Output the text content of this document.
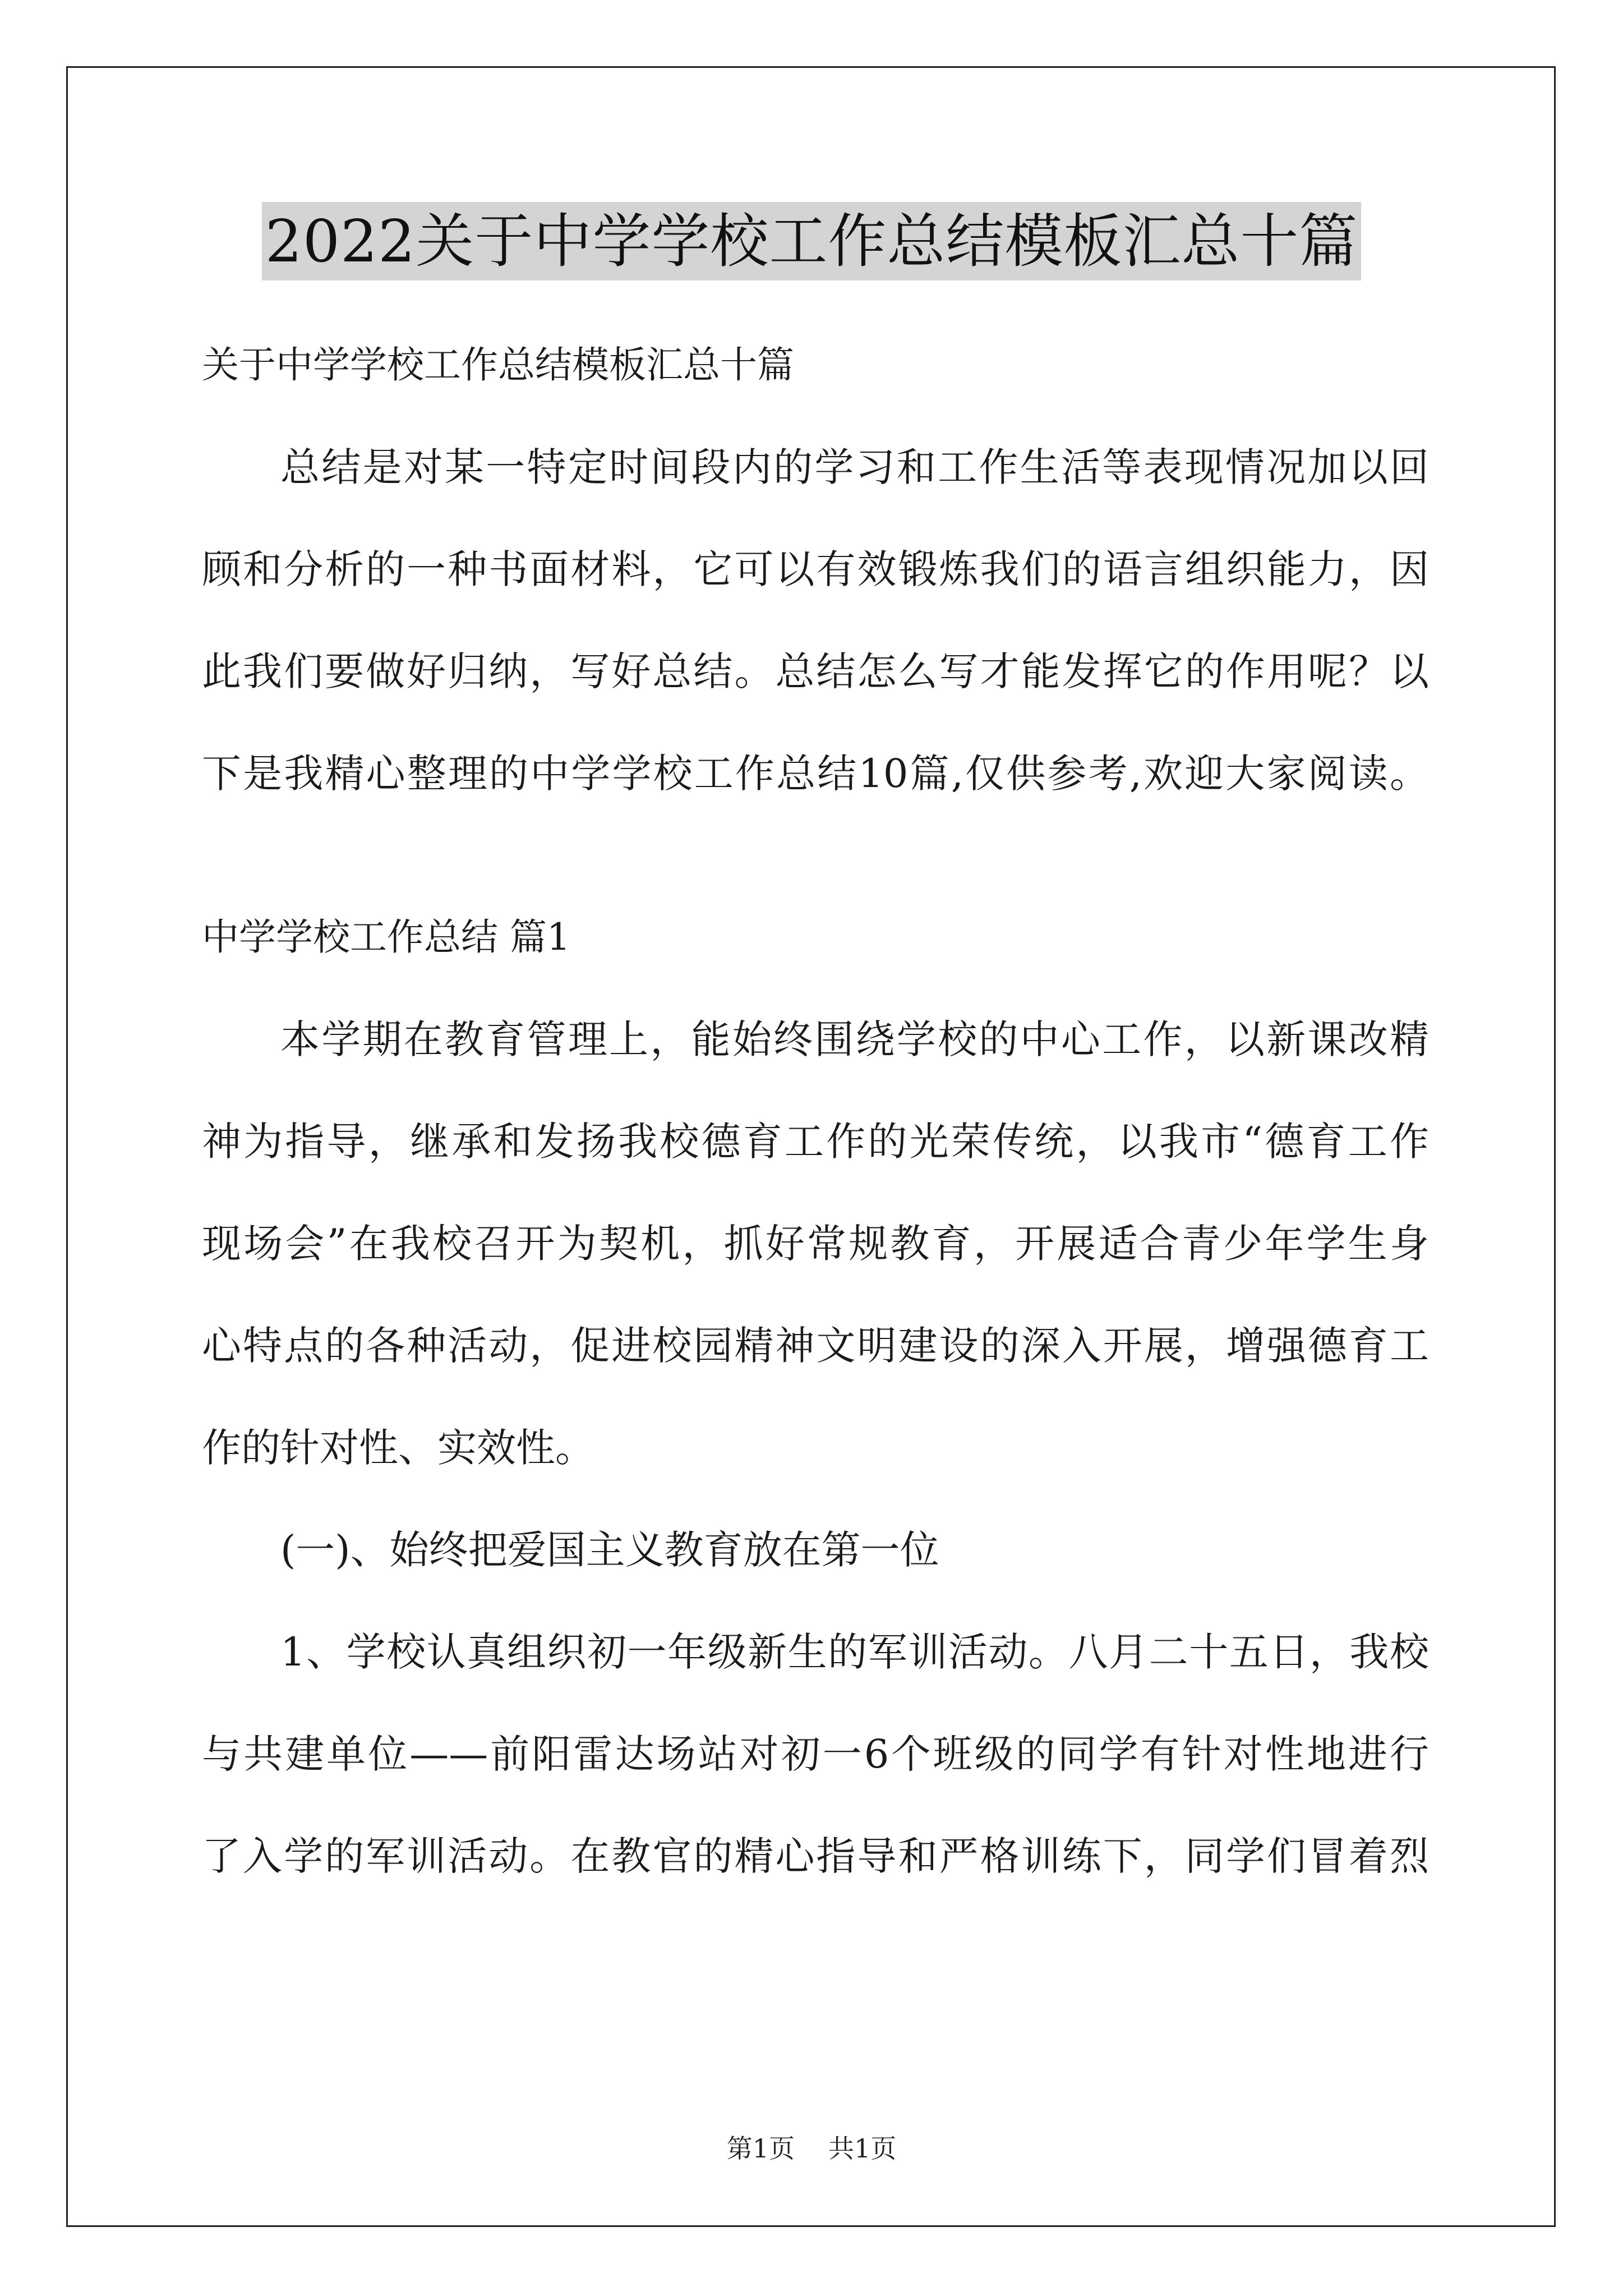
2022关于中学学校工作总结模板汇总十篇
关于中学学校工作总结模板汇总十篇
总结是对某一特定时间段内的学习和工作生活等表现情况加以回
顾和分析的一种书面材料，它可以有效锻炼我们的语言组织能力，因
此我们要做好归纳，写好总结。总结怎么写才能发挥它的作用呢？以
下是我精心整理的中学学校工作总结10篇,仅供参考,欢迎大家阅读。
中学学校工作总结 篇1
本学期在教育管理上，能始终围绕学校的中心工作，以新课改精
神为指导，继承和发扬我校德育工作的光荣传统，以我市“德育工作
现场会”在我校召开为契机，抓好常规教育，开展适合青少年学生身
心特点的各种活动，促进校园精神文明建设的深入开展，增强德育工
作的针对性、实效性。
(一)、始终把爱国主义教育放在第一位
1、学校认真组织初一年级新生的军训活动。八月二十五日，我校
与共建单位——前阳雷达场站对初一6个班级的同学有针对性地进行
了入学的军训活动。在教官的精心指导和严格训练下，同学们冒着烈
第1页 共1页
